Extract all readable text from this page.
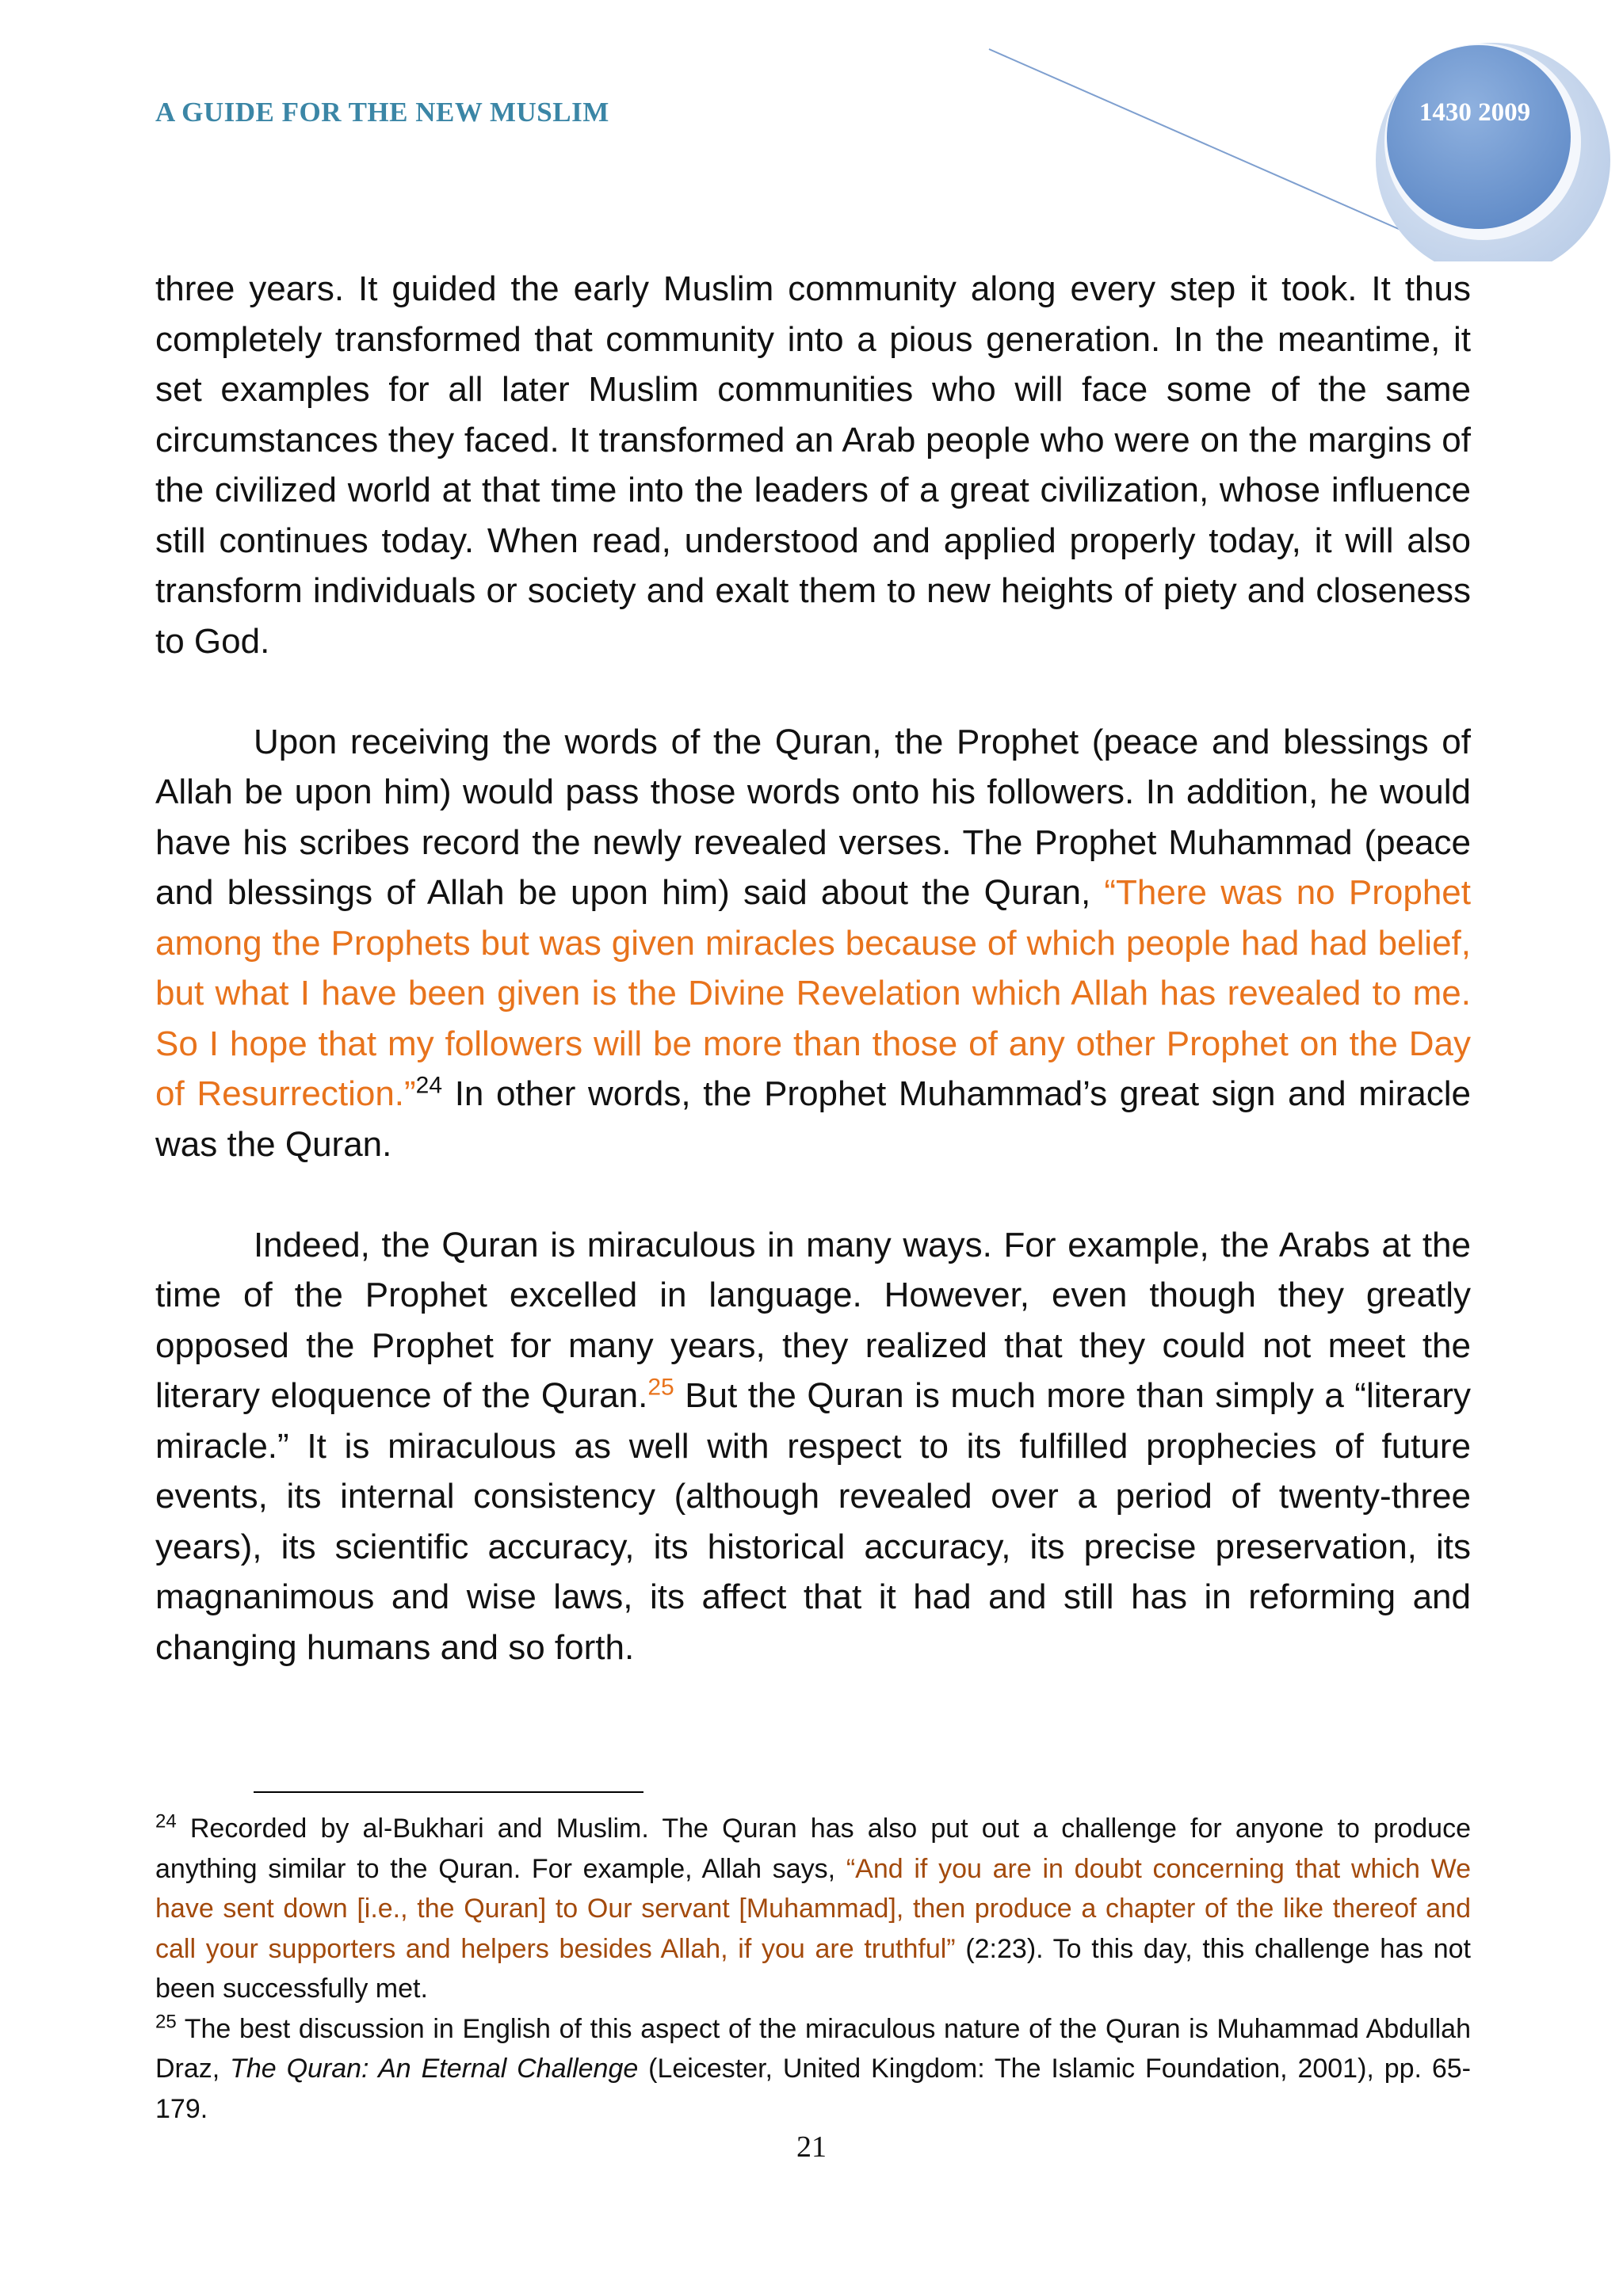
A GUIDE FOR THE NEW MUSLIM	1430 2009

three years. It guided the early Muslim community along every step it took. It thus completely transformed that community into a pious generation. In the meantime, it set examples for all later Muslim communities who will face some of the same circumstances they faced. It transformed an Arab people who were on the margins of the civilized world at that time into the leaders of a great civilization, whose influence still continues today. When read, understood and applied properly today, it will also transform individuals or society and exalt them to new heights of piety and closeness to God.

Upon receiving the words of the Quran, the Prophet (peace and blessings of Allah be upon him) would pass those words onto his followers. In addition, he would have his scribes record the newly revealed verses. The Prophet Muhammad (peace and blessings of Allah be upon him) said about the Quran, “There was no Prophet among the Prophets but was given miracles because of which people had had belief, but what I have been given is the Divine Revelation which Allah has revealed to me. So I hope that my followers will be more than those of any other Prophet on the Day of Resurrection.”$^{24}$ In other words, the Prophet Muhammad’s great sign and miracle was the Quran.

Indeed, the Quran is miraculous in many ways. For example, the Arabs at the time of the Prophet excelled in language. However, even though they greatly opposed the Prophet for many years, they realized that they could not meet the literary eloquence of the Quran.$^{25}$ But the Quran is much more than simply a “literary miracle.” It is miraculous as well with respect to its fulfilled prophecies of future events, its internal consistency (although revealed over a period of twenty-three years), its scientific accuracy, its historical accuracy, its precise preservation, its magnanimous and wise laws, its affect that it had and still has in reforming and changing humans and so forth.

$^{24}$ Recorded by al-Bukhari and Muslim. The Quran has also put out a challenge for anyone to produce anything similar to the Quran. For example, Allah says, “And if you are in doubt concerning that which We have sent down [i.e., the Quran] to Our servant [Muhammad], then produce a chapter of the like thereof and call your supporters and helpers besides Allah, if you are truthful” (2:23). To this day, this challenge has not been successfully met.

$^{25}$ The best discussion in English of this aspect of the miraculous nature of the Quran is Muhammad Abdullah Draz, The Quran: An Eternal Challenge (Leicester, United Kingdom: The Islamic Foundation, 2001), pp. 65-179.

21
